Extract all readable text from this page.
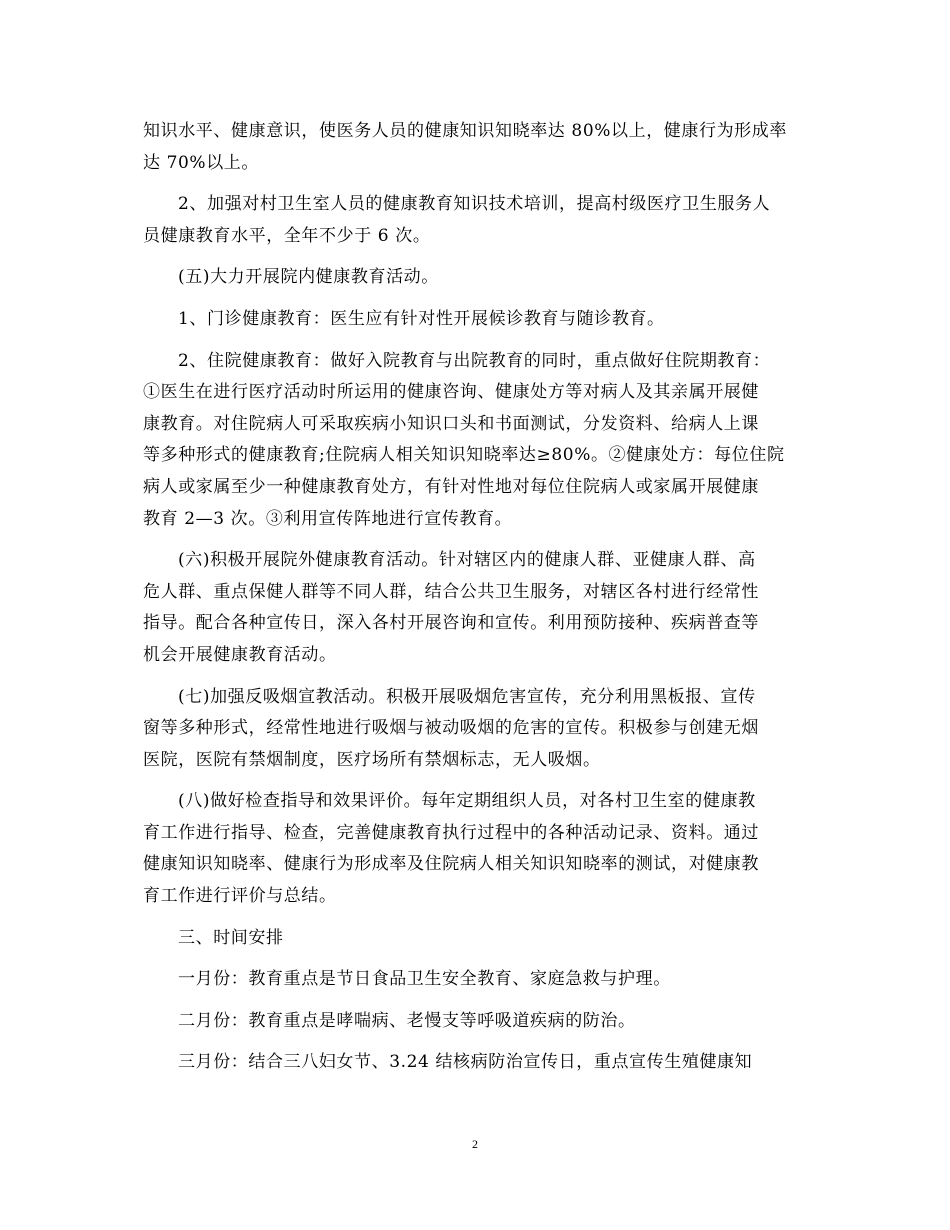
知识水平、健康意识，使医务人员的健康知识知晓率达 80%以上，健康行为形成率
达 70%以上。

2、加强对村卫生室人员的健康教育知识技术培训，提高村级医疗卫生服务人
员健康教育水平，全年不少于 6 次。

(五)大力开展院内健康教育活动。

1、门诊健康教育：医生应有针对性开展候诊教育与随诊教育。

2、住院健康教育：做好入院教育与出院教育的同时，重点做好住院期教育：
①医生在进行医疗活动时所运用的健康咨询、健康处方等对病人及其亲属开展健
康教育。对住院病人可采取疾病小知识口头和书面测试，分发资料、给病人上课
等多种形式的健康教育;住院病人相关知识知晓率达≥80%。②健康处方：每位住院
病人或家属至少一种健康教育处方，有针对性地对每位住院病人或家属开展健康
教育 2—3 次。③利用宣传阵地进行宣传教育。

(六)积极开展院外健康教育活动。针对辖区内的健康人群、亚健康人群、高
危人群、重点保健人群等不同人群，结合公共卫生服务，对辖区各村进行经常性
指导。配合各种宣传日，深入各村开展咨询和宣传。利用预防接种、疾病普查等
机会开展健康教育活动。

(七)加强反吸烟宣教活动。积极开展吸烟危害宣传，充分利用黑板报、宣传
窗等多种形式，经常性地进行吸烟与被动吸烟的危害的宣传。积极参与创建无烟
医院，医院有禁烟制度，医疗场所有禁烟标志，无人吸烟。

(八)做好检查指导和效果评价。每年定期组织人员，对各村卫生室的健康教
育工作进行指导、检查，完善健康教育执行过程中的各种活动记录、资料。通过
健康知识知晓率、健康行为形成率及住院病人相关知识知晓率的测试，对健康教
育工作进行评价与总结。

三、时间安排

一月份：教育重点是节日食品卫生安全教育、家庭急救与护理。

二月份：教育重点是哮喘病、老慢支等呼吸道疾病的防治。

三月份：结合三八妇女节、3.24 结核病防治宣传日，重点宣传生殖健康知

2
